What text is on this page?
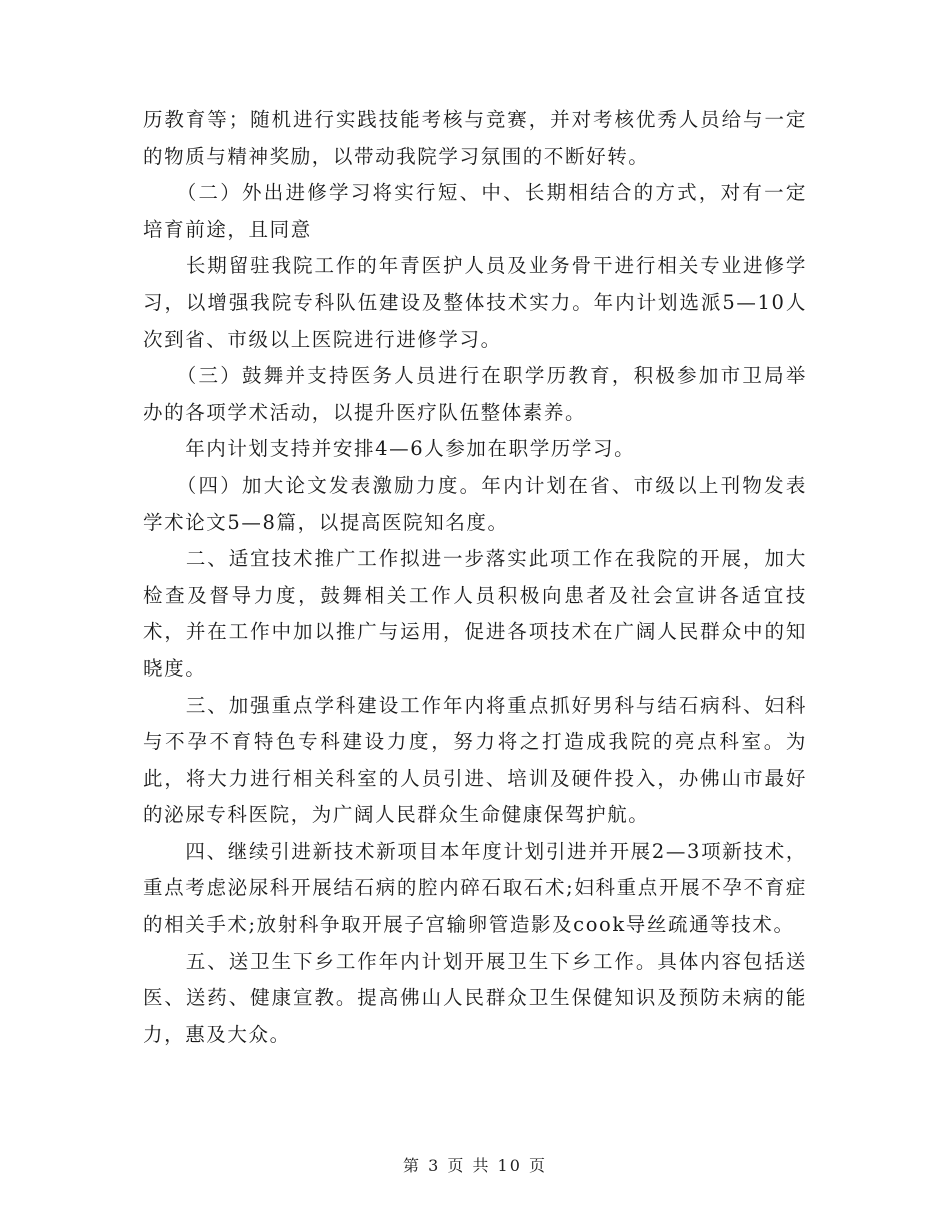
历教育等；随机进行实践技能考核与竞赛，并对考核优秀人员给与一定的物质与精神奖励，以带动我院学习氛围的不断好转。

　　（二）外出进修学习将实行短、中、长期相结合的方式，对有一定培育前途，且同意

　　长期留驻我院工作的年青医护人员及业务骨干进行相关专业进修学习，以增强我院专科队伍建设及整体技术实力。年内计划选派5—10人次到省、市级以上医院进行进修学习。

　　（三）鼓舞并支持医务人员进行在职学历教育，积极参加市卫局举办的各项学术活动，以提升医疗队伍整体素养。

　　年内计划支持并安排4—6人参加在职学历学习。

　　（四）加大论文发表激励力度。年内计划在省、市级以上刊物发表学术论文5—8篇，以提高医院知名度。

　　二、适宜技术推广工作拟进一步落实此项工作在我院的开展，加大检查及督导力度，鼓舞相关工作人员积极向患者及社会宣讲各适宜技术，并在工作中加以推广与运用，促进各项技术在广阔人民群众中的知晓度。

　　三、加强重点学科建设工作年内将重点抓好男科与结石病科、妇科与不孕不育特色专科建设力度，努力将之打造成我院的亮点科室。为此，将大力进行相关科室的人员引进、培训及硬件投入，办佛山市最好的泌尿专科医院，为广阔人民群众生命健康保驾护航。

　　四、继续引进新技术新项目本年度计划引进并开展2—3项新技术，重点考虑泌尿科开展结石病的腔内碎石取石术;妇科重点开展不孕不育症的相关手术;放射科争取开展子宫输卵管造影及cook导丝疏通等技术。

　　五、送卫生下乡工作年内计划开展卫生下乡工作。具体内容包括送医、送药、健康宣教。提高佛山人民群众卫生保健知识及预防未病的能力，惠及大众。

第 3 页 共 10 页
